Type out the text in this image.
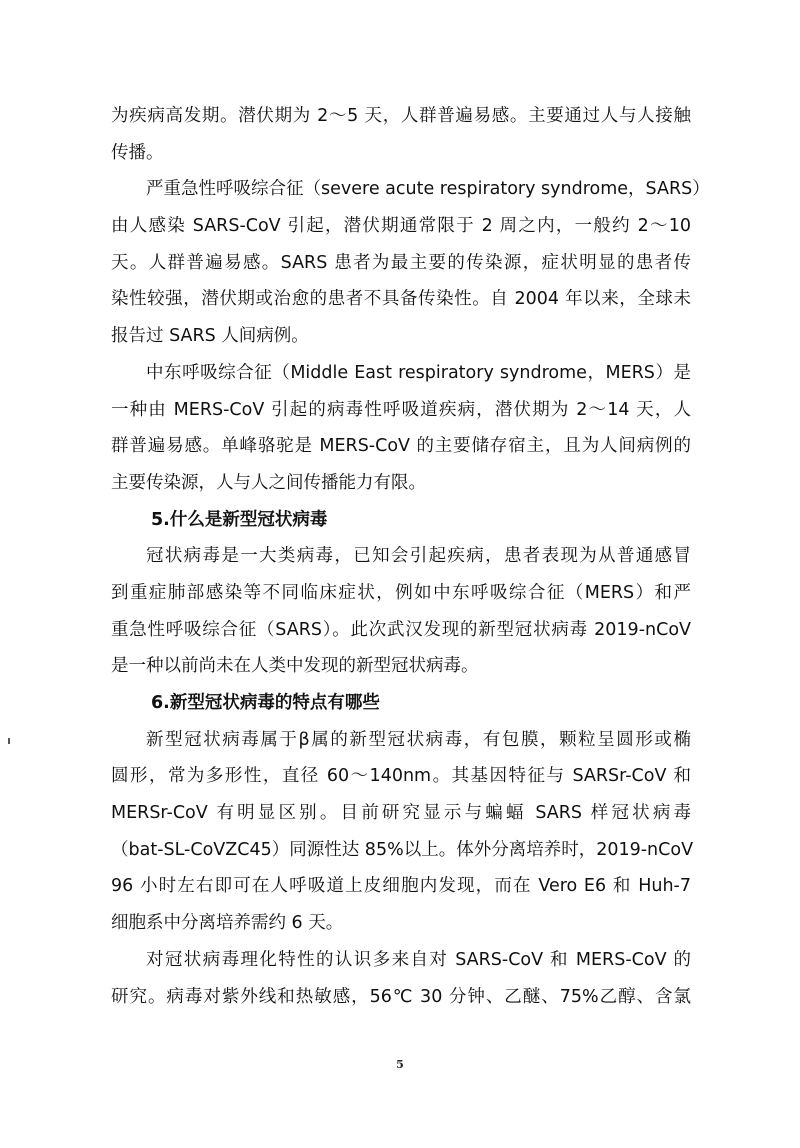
为疾病高发期。潜伏期为 2～5 天，人群普遍易感。主要通过人与人接触
传播。
严重急性呼吸综合征（severe acute respiratory syndrome，SARS）
由人感染 SARS-CoV 引起，潜伏期通常限于 2 周之内，一般约 2～10
天。人群普遍易感。SARS 患者为最主要的传染源，症状明显的患者传
染性较强，潜伏期或治愈的患者不具备传染性。自 2004 年以来，全球未
报告过 SARS 人间病例。
中东呼吸综合征（Middle East respiratory syndrome，MERS）是
一种由 MERS-CoV 引起的病毒性呼吸道疾病，潜伏期为 2～14 天，人
群普遍易感。单峰骆驼是 MERS-CoV 的主要储存宿主，且为人间病例的
主要传染源，人与人之间传播能力有限。
5.什么是新型冠状病毒
冠状病毒是一大类病毒，已知会引起疾病，患者表现为从普通感冒
到重症肺部感染等不同临床症状，例如中东呼吸综合征（MERS）和严
重急性呼吸综合征（SARS）。此次武汉发现的新型冠状病毒 2019-nCoV
是一种以前尚未在人类中发现的新型冠状病毒。
6.新型冠状病毒的特点有哪些
新型冠状病毒属于β属的新型冠状病毒，有包膜，颗粒呈圆形或椭
圆形，常为多形性，直径 60～140nm。其基因特征与 SARSr-CoV 和
MERSr-CoV 有明显区别。目前研究显示与蝙蝠 SARS 样冠状病毒
（bat-SL-CoVZC45）同源性达 85%以上。体外分离培养时，2019-nCoV
96 小时左右即可在人呼吸道上皮细胞内发现，而在 Vero E6 和 Huh-7
细胞系中分离培养需约 6 天。
对冠状病毒理化特性的认识多来自对 SARS-CoV 和 MERS-CoV 的
研究。病毒对紫外线和热敏感，56℃ 30 分钟、乙醚、75%乙醇、含氯
5
